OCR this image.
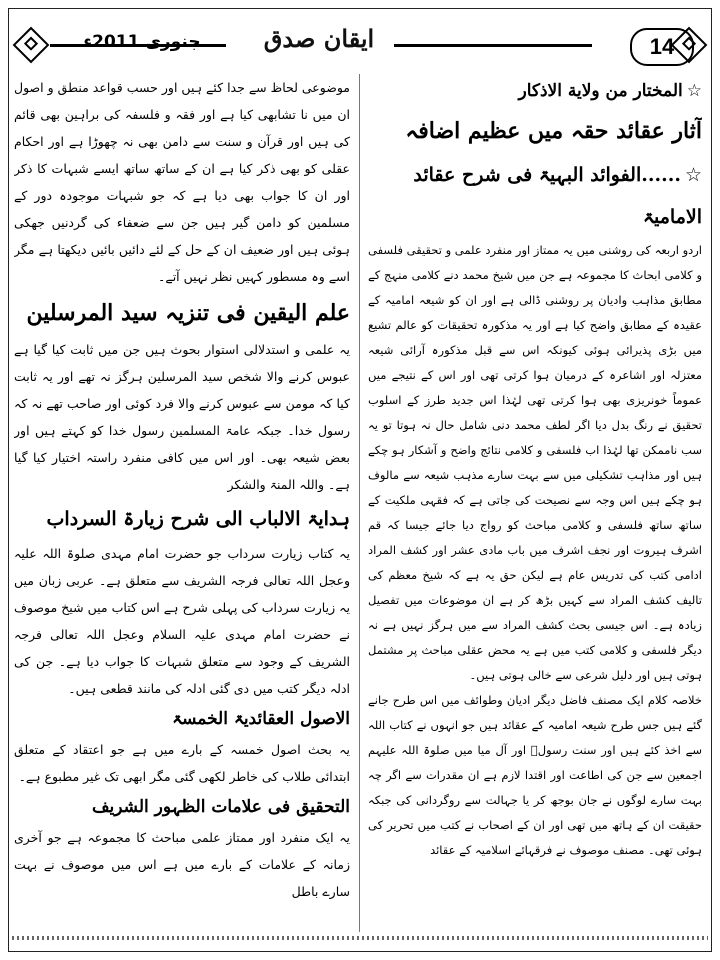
جنوری 2011ء	ايقان صدق	14

☆المختار من ولاية الاذكار

آثار عقائد حقہ میں عظیم اضافہ

☆......الفوائد البہیۃ فی شرح عقائد الامامیۃ

اردو اربعہ کی روشنی میں یہ ممتاز اور منفرد علمی و تحقیقی فلسفی و کلامی ابحاث کا مجموعہ ہے جن میں شیخ محمد دنے کلامی منہج کے مطابق مذاہب وادیان پر روشنی ڈالی ہے اور ان کو شیعہ امامیہ کے عقیدہ کے مطابق واضح کیا ہے اور یہ مذکورہ تحقیقات کو عالم تشیع میں بڑی پذیرائی ہوئی کیونکہ اس سے قبل مذکورہ آرائی شیعہ معتزلہ اور اشاعرہ کے درمیان ہوا کرتی تھی اور اس کے نتیجے میں عموماً خونریزی بھی ہوا کرتی تھی لہٰذا اس جدید طرز کے اسلوب تحقیق نے رنگ بدل دیا اگر لطف محمد دنی شامل حال نہ ہوتا تو یہ سب ناممکن تھا لہٰذا اب فلسفی و کلامی نتائج واضح و آشکار ہو چکے ہیں اور مذاہب تشکیلی میں سے بہت سارے مذہب شیعہ سے مالوف ہو چکے ہیں اس وجہ سے نصیحت کی جاتی ہے کہ فقہی ملکیت کے ساتھ ساتھ فلسفی و کلامی مباحث کو رواج دیا جائے جیسا کہ قم اشرف ہیروت اور نجف اشرف میں باب مادی عشر اور کشف المراد ادامی کتب کی تدریس عام ہے لیکن حق یہ ہے کہ شیخ معظم کی تالیف کشف المراد سے کہیں بڑھ کر ہے ان موضوعات میں تفصیل زیادہ ہے۔ اس جیسی بحث کشف المراد سے میں ہرگز نہیں ہے نہ دیگر فلسفی و کلامی کتب میں ہے یہ محض عقلی مباحث پر مشتمل ہوتی ہیں اور دلیل شرعی سے خالی ہوتی ہیں۔

خلاصہ کلام ایک مصنف فاضل دیگر ادیان وطوائف میں اس طرح جانے گئے ہیں جس طرح شیعہ امامیہ کے عقائد ہیں جو انہوں نے کتاب اللہ سے اخذ کئے ہیں اور سنت رسولؐ اور آل میا میں صلوۃ اللہ علیہم اجمعین سے جن کی اطاعت اور اقتدا لازم ہے ان مقدرات سے اگر چہ بہت سارے لوگوں نے جان بوجھ کر یا جہالت سے روگردانی کی جبکہ حقیقت ان کے ہاتھ میں تھی اور ان کے اصحاب نے کتب میں تحریر کی ہوئی تھی۔ مصنف موصوف نے فرقہائے اسلامیہ کے عقائد

موضوعی لحاظ سے جدا کئے ہیں اور حسب قواعد منطق و اصول ان میں نا تشابھی کیا ہے اور فقہ و فلسفہ کی براہین بھی قائم کی ہیں اور قرآن و سنت سے دامن بھی نہ چھوڑا ہے اور احکام عقلی کو بھی ذکر کیا ہے ان کے ساتھ ساتھ ایسے شبہات کا ذکر اور ان کا جواب بھی دیا ہے کہ جو شبہات موجودہ دور کے مسلمین کو دامن گیر ہیں جن سے ضعفاء کی گردنیں جھکی ہوئی ہیں اور ضعیف ان کے حل کے لئے دائیں بائیں دیکھتا ہے مگر اسے وہ مسطور کہیں نظر نہیں آتے۔

علم الیقین فی تنزیہ سید المرسلین

یہ علمی و استدلالی استوار بحوث ہیں جن میں ثابت کیا گیا ہے عبوس کرنے والا شخص سید المرسلین ہرگز نہ تھے اور یہ ثابت کیا کہ مومن سے عبوس کرنے والا فرد کوئی اور صاحب تھے نہ کہ رسول خدا۔ جبکہ عامۃ المسلمین رسول خدا کو کہتے ہیں اور بعض شیعہ بھی۔ اور اس میں کافی منفرد راستہ اختیار کیا گیا ہے۔ واللہ المنۃ والشکر

ہدایۃ الالباب الی شرح زیارۃ السرداب

یہ کتاب زیارت سرداب جو حضرت امام مہدی صلوۃ اللہ علیہ وعجل اللہ تعالی فرجہ الشریف سے متعلق ہے۔ عربی زبان میں یہ زیارت سرداب کی پہلی شرح ہے اس کتاب میں شیخ موصوف نے حضرت امام مہدی علیہ السلام وعجل اللہ تعالی فرجہ الشریف کے وجود سے متعلق شبہات کا جواب دیا ہے۔ جن کی ادلہ دیگر کتب میں دی گئی ادلہ کی مانند قطعی ہیں۔

الاصول العقائدیۃ الخمسۃ

یہ بحث اصول خمسہ کے بارے میں ہے جو اعتقاد کے متعلق ابتدائی طلاب کی خاطر لکھی گئی مگر ابھی تک غیر مطبوع ہے۔

التحقیق فی علامات الظہور الشریف

یہ ایک منفرد اور ممتاز علمی مباحث کا مجموعہ ہے جو آخری زمانہ کے علامات کے بارے میں ہے اس میں موصوف نے بہت سارے باطل
